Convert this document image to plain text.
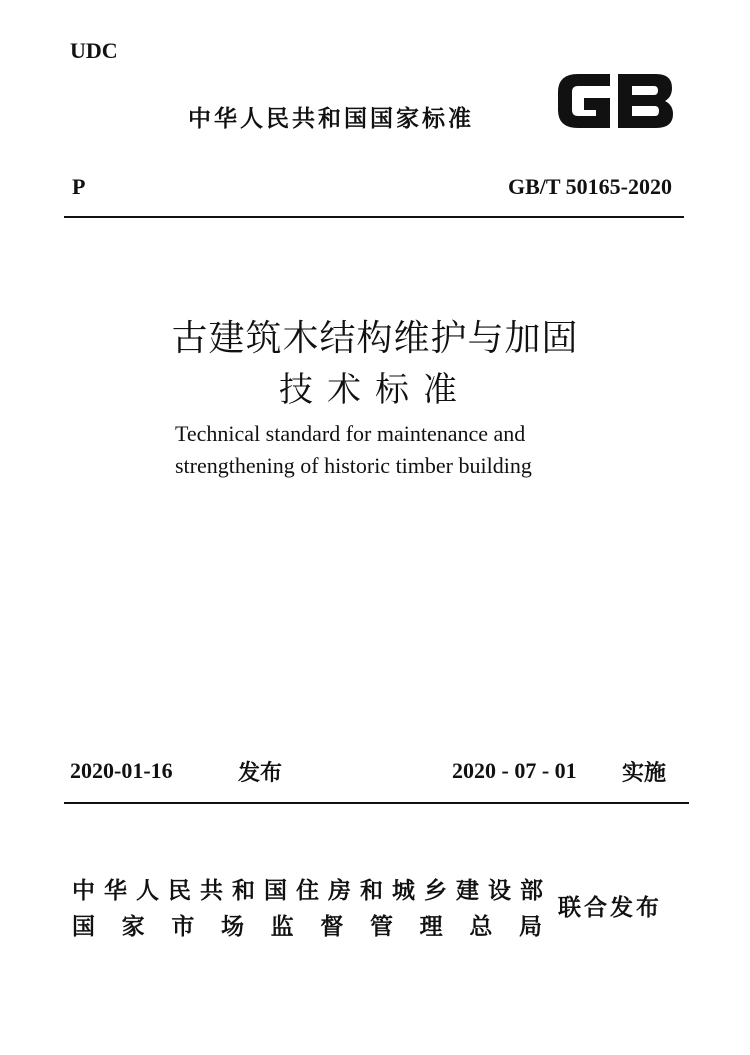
UDC
中华人民共和国国家标准
P	GB/T 50165-2020
古建筑木结构维护与加固
技术标准
Technical standard for maintenance and
strengthening of historic timber building
2020-01-16	发布	2020 - 07 - 01 实施
中华人民共和国住房和城乡建设部
国家市场监督管理总局
联合发布
